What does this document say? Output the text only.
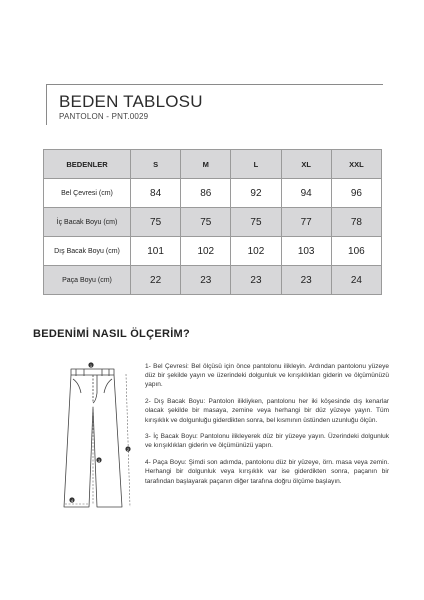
BEDEN TABLOSU
PANTOLON - PNT.0029
BEDENLER	S	M	L	XL	XXL
Bel Çevresi (cm)	84	86	92	94	96
İç Bacak Boyu (cm)	75	75	75	77	78
Dış Bacak Boyu (cm)	101	102	102	103	106
Paça Boyu (cm)	22	23	23	23	24
BEDENİMİ NASIL ÖLÇERİM?
1
2
3
4

1- Bel Çevresi: Bel ölçüsü için önce pantolonu ilikleyin. Ardından pantolonu yüzeye düz bir şekilde yayın ve üzerindeki dolgunluk ve kırışıklıkları giderin ve ölçümünüzü yapın.

2- Dış Bacak Boyu: Pantolon ilikliyken, pantolonu her iki köşesinde dış kenarlar olacak şekilde bir masaya, zemine veya herhangi bir düz yüzeye yayın. Tüm kırışıklık ve dolgunluğu giderdikten sonra, bel kısmının üstünden uzunluğu ölçün.

3- İç Bacak Boyu: Pantolonu ilikleyerek düz bir yüzeye yayın. Üzerindeki dolgunluk ve kırışıklıkları giderin ve ölçümünüzü yapın.

4- Paça Boyu: Şimdi son adımda, pantolonu düz bir yüzeye, örn. masa veya zemin. Herhangi bir dolgunluk veya kırışıklık var ise giderdikten sonra, paçanın bir tarafından başlayarak paçanın diğer tarafına doğru ölçüme başlayın.
